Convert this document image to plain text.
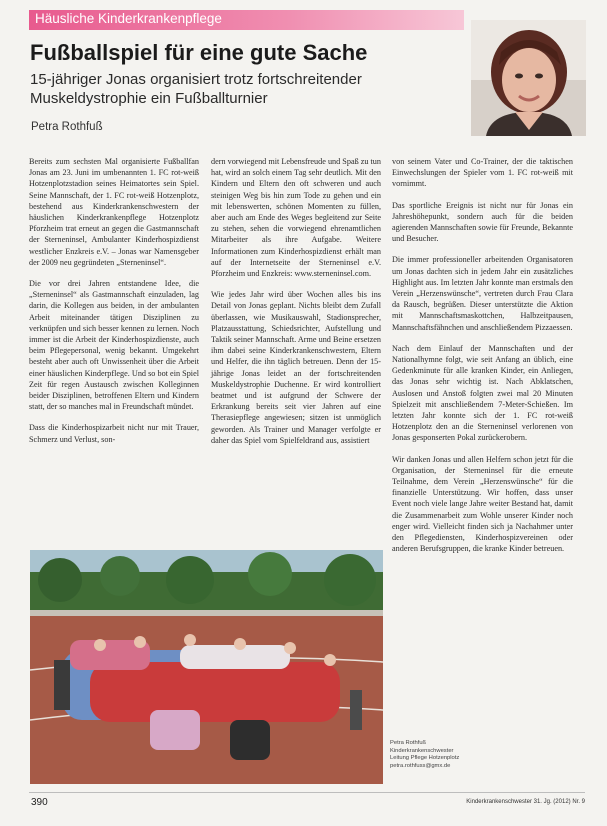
Häusliche Kinderkrankenpflege
Fußballspiel für eine gute Sache
15-jähriger Jonas organisiert trotz fortschreitender
Muskeldystrophie ein Fußballturnier
Petra Rothfuß

Bereits zum sechsten Mal organisierte Fußballfan Jonas am 23. Juni im umbenannten 1. FC rot-weiß Hotzenplotzstadion seines Heimatortes sein Spiel. Seine Mannschaft, der 1. FC rot-weiß Hotzenplotz, bestehend aus Kinderkrankenschwestern der häuslichen Kinderkrankenpflege Hotzenplotz Pforzheim trat erneut an gegen die Gastmannschaft der Sterneninsel, Ambulanter Kinderhospizdienst westlicher Enzkreis e.V. – Jonas war Namensgeber der 2009 neu gegründeten „Sterneninsel“.

Die vor drei Jahren entstandene Idee, die „Sterneninsel“ als Gastmannschaft einzuladen, lag darin, die Kollegen aus beiden, in der ambulanten Arbeit miteinander tätigen Disziplinen zu verknüpfen und sich besser kennen zu lernen. Noch immer ist die Arbeit der Kinderhospizdienste, auch beim Pflegepersonal, wenig bekannt. Umgekehrt besteht aber auch oft Unwissenheit über die Arbeit einer häuslichen Kinderpflege. Und so bot ein Spiel Zeit für regen Austausch zwischen Kolleginnen beider Disziplinen, betroffenen Eltern und Kindern statt, der so manches mal in Freundschaft mündet.

Dass die Kinderhospizarbeit nicht nur mit Trauer, Schmerz und Verlust, son-

dern vorwiegend mit Lebensfreude und Spaß zu tun hat, wird an solch einem Tag sehr deutlich. Mit den Kindern und Eltern den oft schweren und auch steinigen Weg bis hin zum Tode zu gehen und ein mit lebenswerten, schönen Momenten zu füllen, aber auch am Ende des Weges begleitend zur Seite zu stehen, sehen die vorwiegend ehrenamtlichen Mitarbeiter als ihre Aufgabe. Weitere Informationen zum Kinderhospizdienst erhält man auf der Internetseite der Sterneninsel e.V. Pforzheim und Enzkreis: www.sterneninsel.com.

Wie jedes Jahr wird über Wochen alles bis ins Detail von Jonas geplant. Nichts bleibt dem Zufall überlassen, wie Musikauswahl, Stadionsprecher, Platzausstattung, Schiedsrichter, Aufstellung und Taktik seiner Mannschaft. Arme und Beine ersetzen ihm dabei seine Kinderkrankenschwestern, Eltern und Helfer, die ihn täglich betreuen. Denn der 15-jährige Jonas leidet an der fortschreitenden Muskeldystrophie Duchenne. Er wird kontrolliert beatmet und ist aufgrund der Schwere der Erkrankung bereits seit vier Jahren auf eine Therasiepflege angewiesen; sitzen ist unmöglich geworden. Als Trainer und Manager verfolgte er daher das Spiel vom Spielfeldrand aus, assistiert

von seinem Vater und Co-Trainer, der die taktischen Einwechslungen der Spieler vom 1. FC rot-weiß mit vornimmt.

Das sportliche Ereignis ist nicht nur für Jonas ein Jahreshöhepunkt, sondern auch für die beiden agierenden Mannschaften sowie für Freunde, Bekannte und Besucher.

Die immer professioneller arbeitenden Organisatoren um Jonas dachten sich in jedem Jahr ein zusätzliches Highlight aus. Im letzten Jahr konnte man erstmals den Verein „Herzenswünsche“, vertreten durch Frau Clara da Rausch, begrüßen. Dieser unterstützte die Aktion mit Mannschaftsmaskottchen, Halbzeitpausen, Mannschaftsfähnchen und anschließendem Pizzaessen.

Nach dem Einlauf der Mannschaften und der Nationalhymne folgt, wie seit Anfang an üblich, eine Gedenkminute für alle kranken Kinder, ein Anliegen, das Jonas sehr wichtig ist. Nach Abklatschen, Auslosen und Anstoß folgten zwei mal 20 Minuten Spielzeit mit anschließendem 7-Meter-Schießen. Im letzten Jahr konnte sich der 1. FC rot-weiß Hotzenplotz den an die Sterneninsel verlorenen von Jonas gesponserten Pokal zurückerobern.

Wir danken Jonas und allen Helfern schon jetzt für die Organisation, der Sterneninsel für die erneute Teilnahme, dem Verein „Herzenswünsche“ für die finanzielle Unterstützung. Wir hoffen, dass unser Event noch viele lange Jahre weiter Bestand hat, damit die Zusammenarbeit zum Wohle unserer Kinder noch enger wird. Vielleicht finden sich ja Nachahmer unter den Pflegediensten, Kinderhospizvereinen oder anderen Berufsgruppen, die kranke Kinder betreuen.

Petra Rothfuß
Kinderkrankenschwester
Leitung Pflege Hotzenplotz
petra.rothfuss@gmx.de
390	Kinderkrankenschwester 31. Jg. (2012) Nr. 9
